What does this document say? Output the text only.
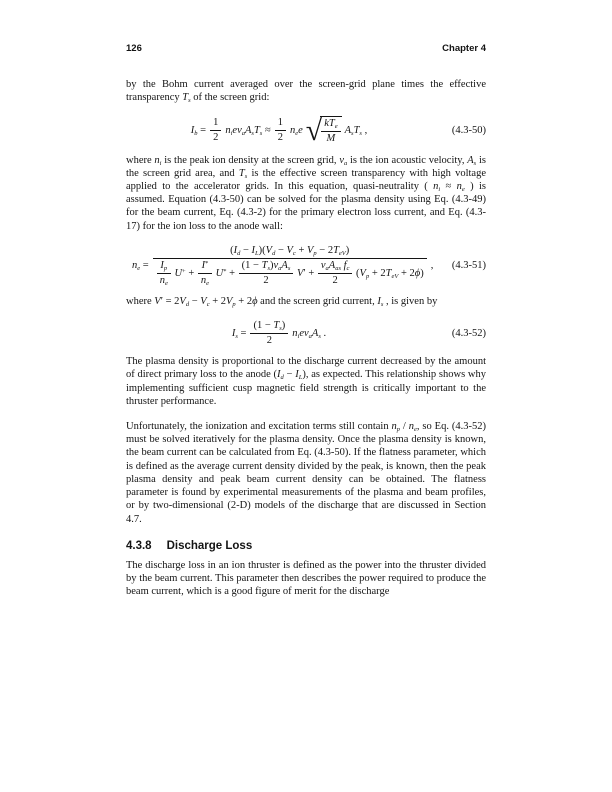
126	Chapter 4

by the Bohm current averaged over the screen-grid plane times the effective transparency $T_s$ of the screen grid:

$I_b = \frac{1}{2} n_iev_aA_sT_s \approx \frac{1}{2} n_ee$ √ $kT_e$
M
$A_sT_s$ ,	(4.3-50)

where $n_i$ is the peak ion density at the screen grid, $v_a$ is the ion acoustic velocity, $A_s$ is the screen grid area, and $T_s$ is the effective screen transparency with high voltage applied to the accelerator grids. In this equation, quasi-neutrality ( $n_i \approx n_e$ ) is assumed. Equation (4.3-50) can be solved for the plasma density using Eq. (4.3-49) for the beam current, Eq. (4.3-2) for the primary electron loss current, and Eq. (4.3-17) for the ion loss to the anode wall:

$n_e$ =
$(I_d - I_L)(V_d - V_c + V_p - 2T_{eV})$
$\frac{I_p}{n_e} U^+ + \frac{I^*}{n_e} U^*$ +
$(1 - T_s)v_aA_s$
2
V′ +
$v_aA_{as}$ $f_c$
2
$(V_p + 2T_{eV} + 2\phi)$
, (4.3-51)

where $V' = 2V_d - V_c + 2V_p + 2\phi$ and the screen grid current, $I_s$ , is given by

$I_s = \frac{(1 - T_s)}{2} n_iev_aA_s$ .	(4.3-52)

The plasma density is proportional to the discharge current decreased by the amount of direct primary loss to the anode $(I_d - I_L)$, as expected. This relationship shows why implementing sufficient cusp magnetic field strength is critically important to the thruster performance.

Unfortunately, the ionization and excitation terms still contain $n_p / n_e$, so Eq. (4.3-52) must be solved iteratively for the plasma density. Once the plasma density is known, the beam current can be calculated from Eq. (4.3-50). If the flatness parameter, which is defined as the average current density divided by the peak, is known, then the peak plasma density and peak beam current density can be obtained. The flatness parameter is found by experimental measurements of the plasma and beam profiles, or by two-dimensional (2-D) models of the discharge that are discussed in Section 4.7.

4.3.8 Discharge Loss

The discharge loss in an ion thruster is defined as the power into the thruster divided by the beam current. This parameter then describes the power required to produce the beam current, which is a good figure of merit for the discharge
